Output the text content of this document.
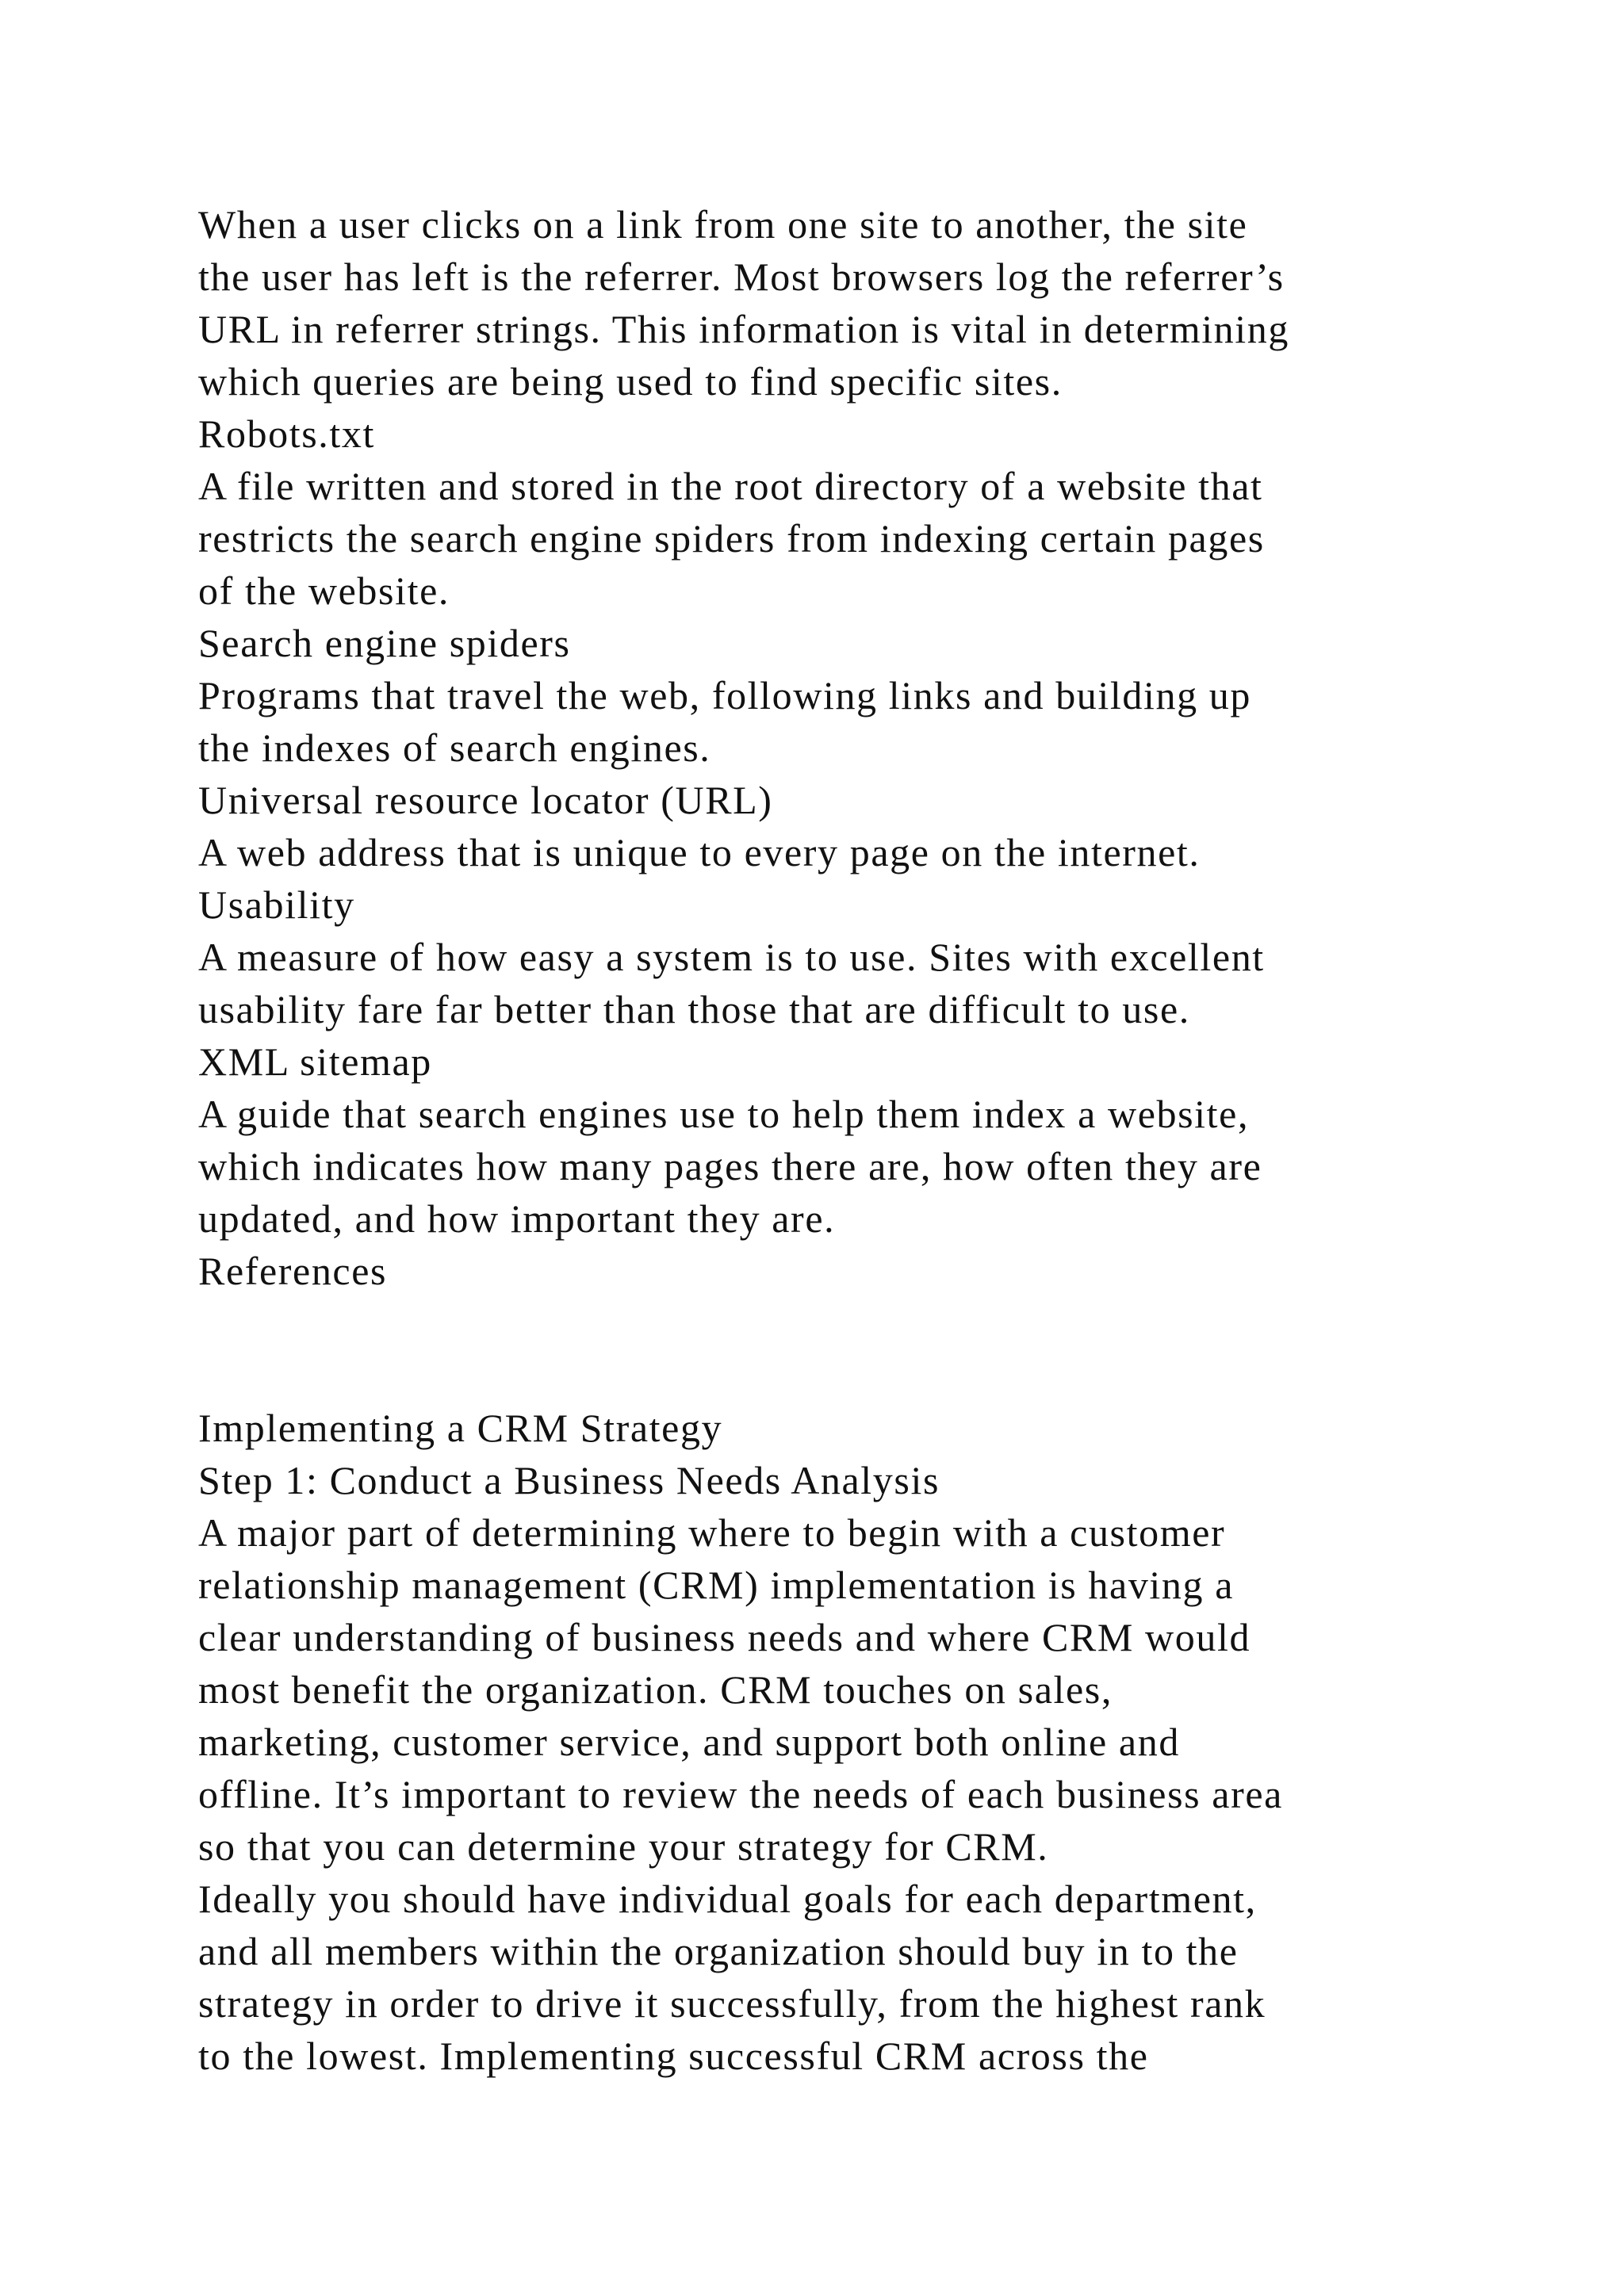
When a user clicks on a link from one site to another, the site
the user has left is the referrer. Most browsers log the referrer’s
URL in referrer strings. This information is vital in determining
which queries are being used to find specific sites.
Robots.txt
A file written and stored in the root directory of a website that
restricts the search engine spiders from indexing certain pages
of the website.
Search engine spiders
Programs that travel the web, following links and building up
the indexes of search engines.
Universal resource locator (URL)
A web address that is unique to every page on the internet.
Usability
A measure of how easy a system is to use. Sites with excellent
usability fare far better than those that are difficult to use.
XML sitemap
A guide that search engines use to help them index a website,
which indicates how many pages there are, how often they are
updated, and how important they are.
References
Implementing a CRM Strategy
Step 1: Conduct a Business Needs Analysis
A major part of determining where to begin with a customer
relationship management (CRM) implementation is having a
clear understanding of business needs and where CRM would
most benefit the organization. CRM touches on sales,
marketing, customer service, and support both online and
offline. It’s important to review the needs of each business area
so that you can determine your strategy for CRM.
Ideally you should have individual goals for each department,
and all members within the organization should buy in to the
strategy in order to drive it successfully, from the highest rank
to the lowest. Implementing successful CRM across the
